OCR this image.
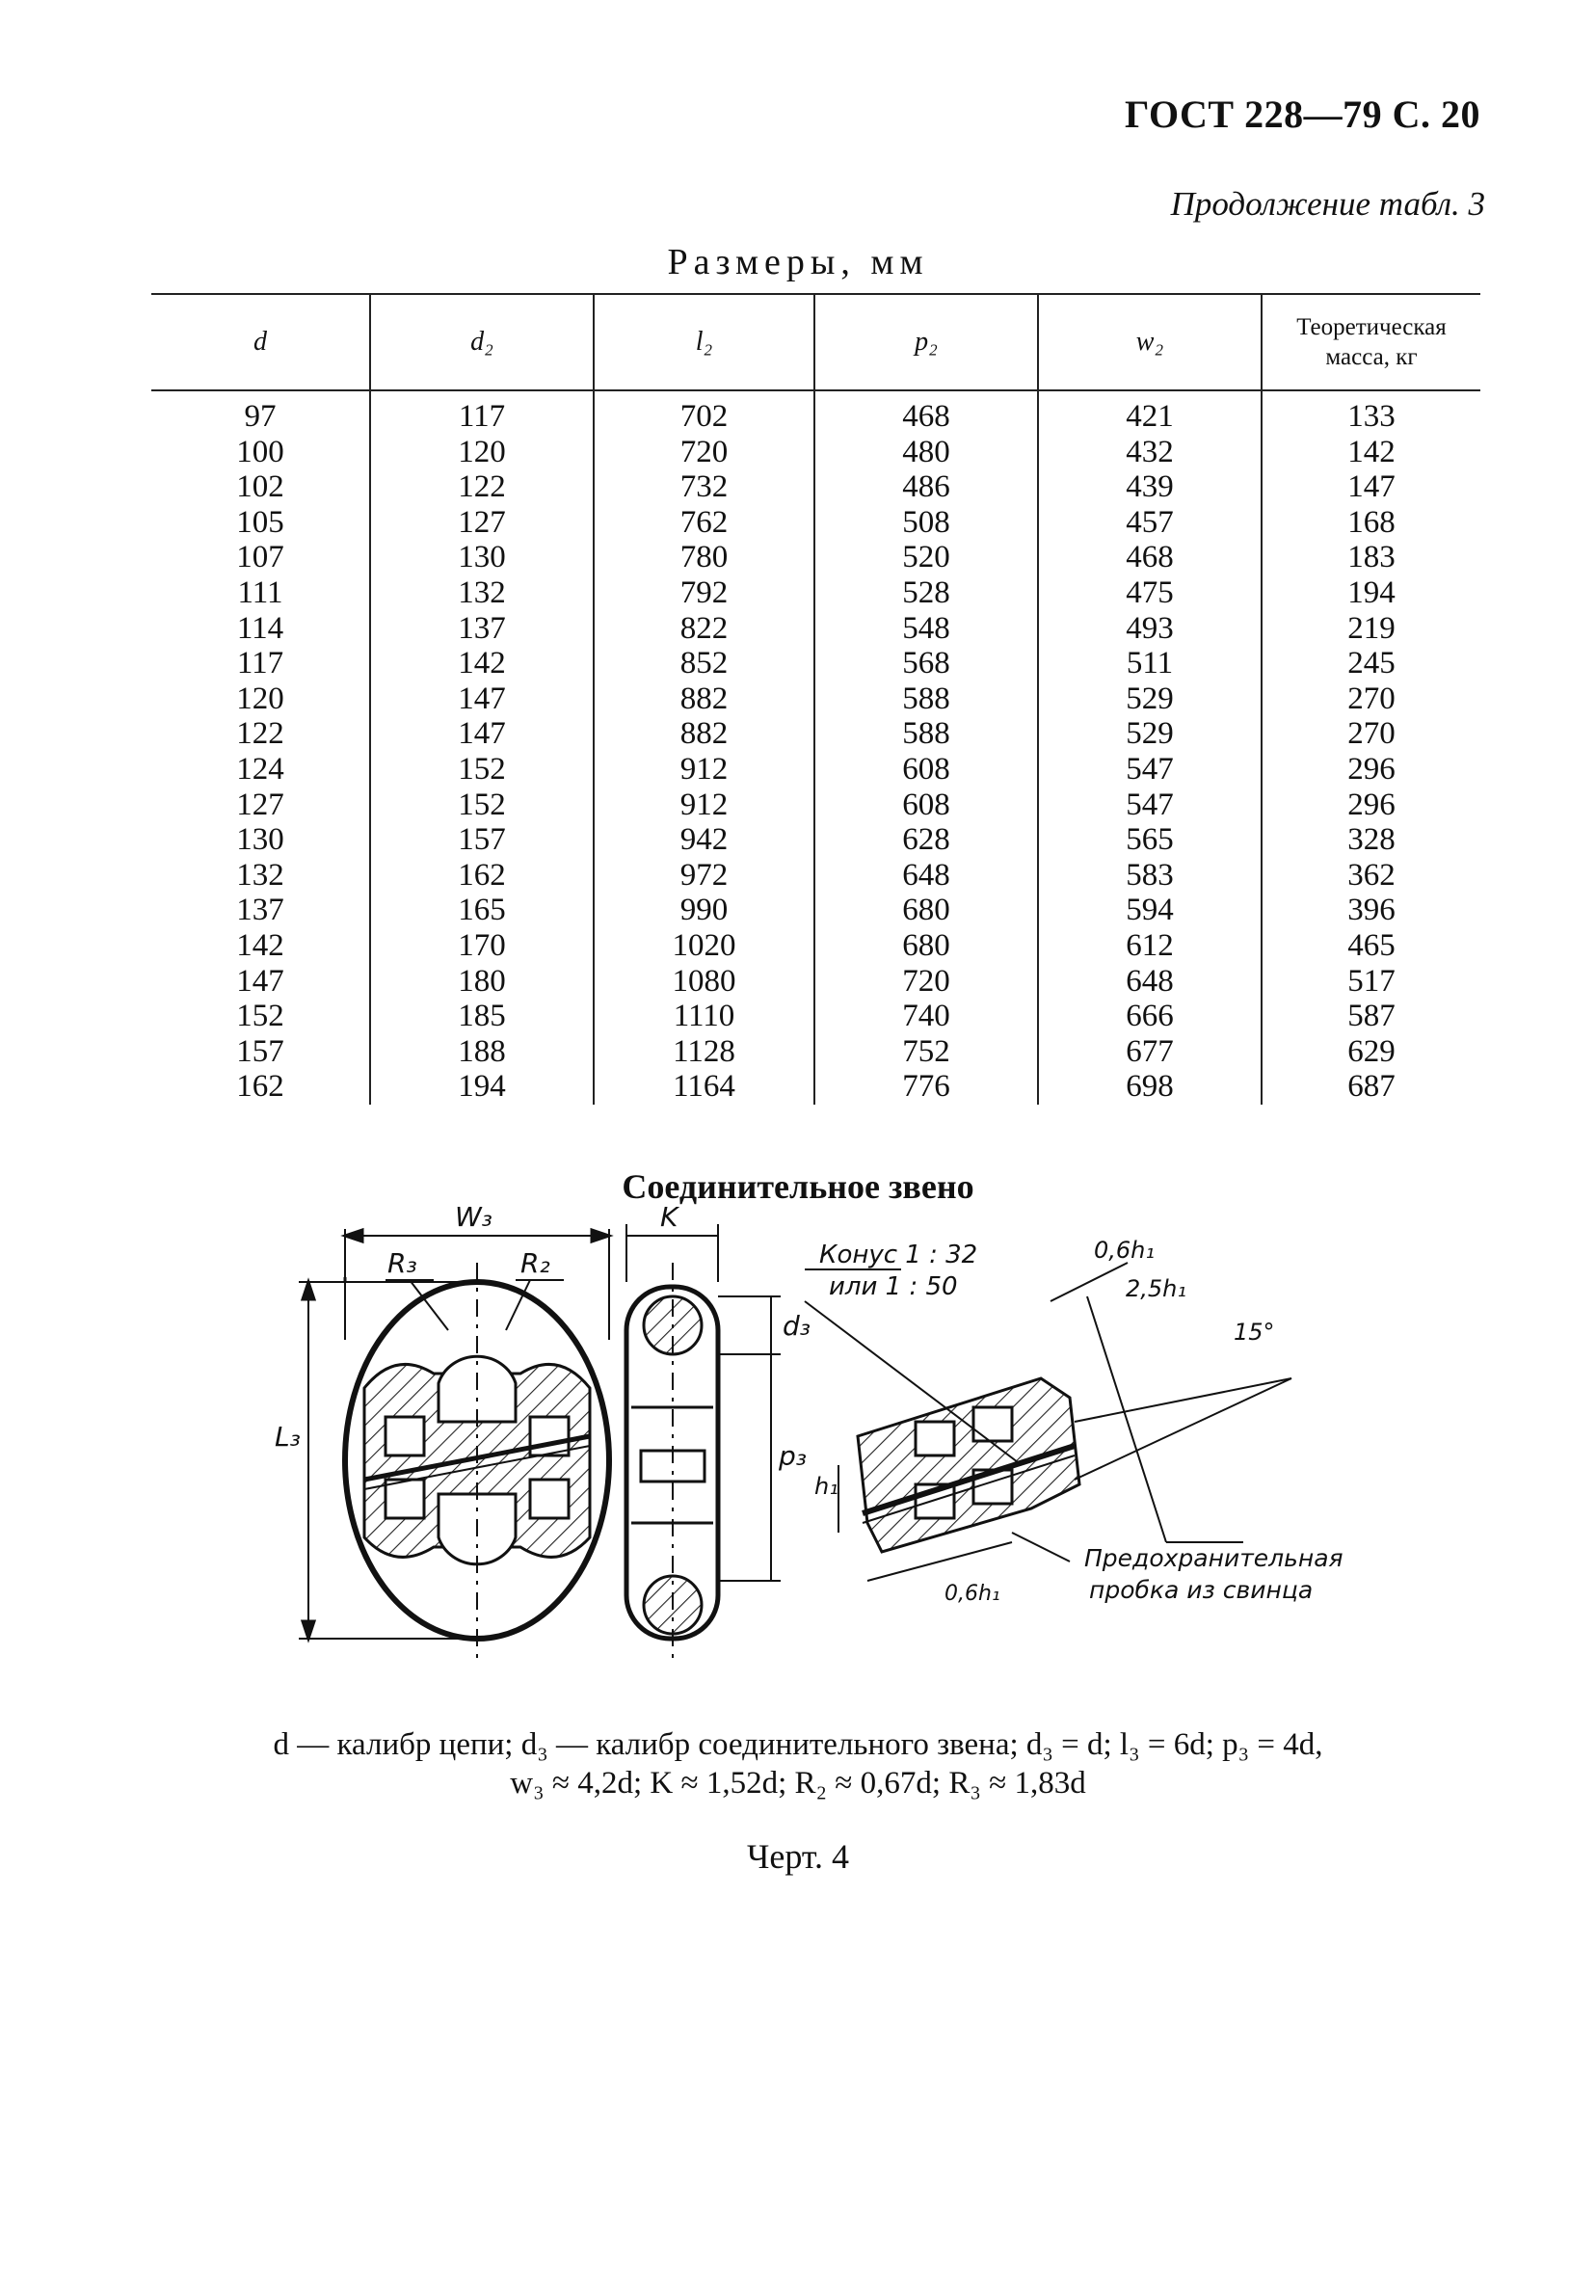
ГОСТ 228—79 С. 20
Продолжение табл. 3
Размеры, мм
d	d₂	l₂	p₂	w₂	Теоретическая масса, кг
97	117	702	468	421	133
100	120	720	480	432	142
102	122	732	486	439	147
105	127	762	508	457	168
107	130	780	520	468	183
111	132	792	528	475	194
114	137	822	548	493	219
117	142	852	568	511	245
120	147	882	588	529	270
122	147	882	588	529	270
124	152	912	608	547	296
127	152	912	608	547	296
130	157	942	628	565	328
132	162	972	648	583	362
137	165	990	680	594	396
142	170	1020	680	612	465
147	180	1080	720	648	517
152	185	1110	740	666	587
157	188	1128	752	677	629
162	194	1164	776	698	687
Соединительное звено
W₃
R₃	R₂
L₃
K
d₃
p₃
Конус 1 : 32
или 1 : 50
0,6h₁
2,5h₁
15°
h₁
0,6h₁
Предохранительная
пробка из свинца
d — калибр цепи; d₃ — калибр соединительного звена; d₃ = d; l₃ = 6d; p₃ = 4d,
w₃ ≈ 4,2d; K ≈ 1,52d; R₂ ≈ 0,67d; R₃ ≈ 1,83d
Черт. 4
